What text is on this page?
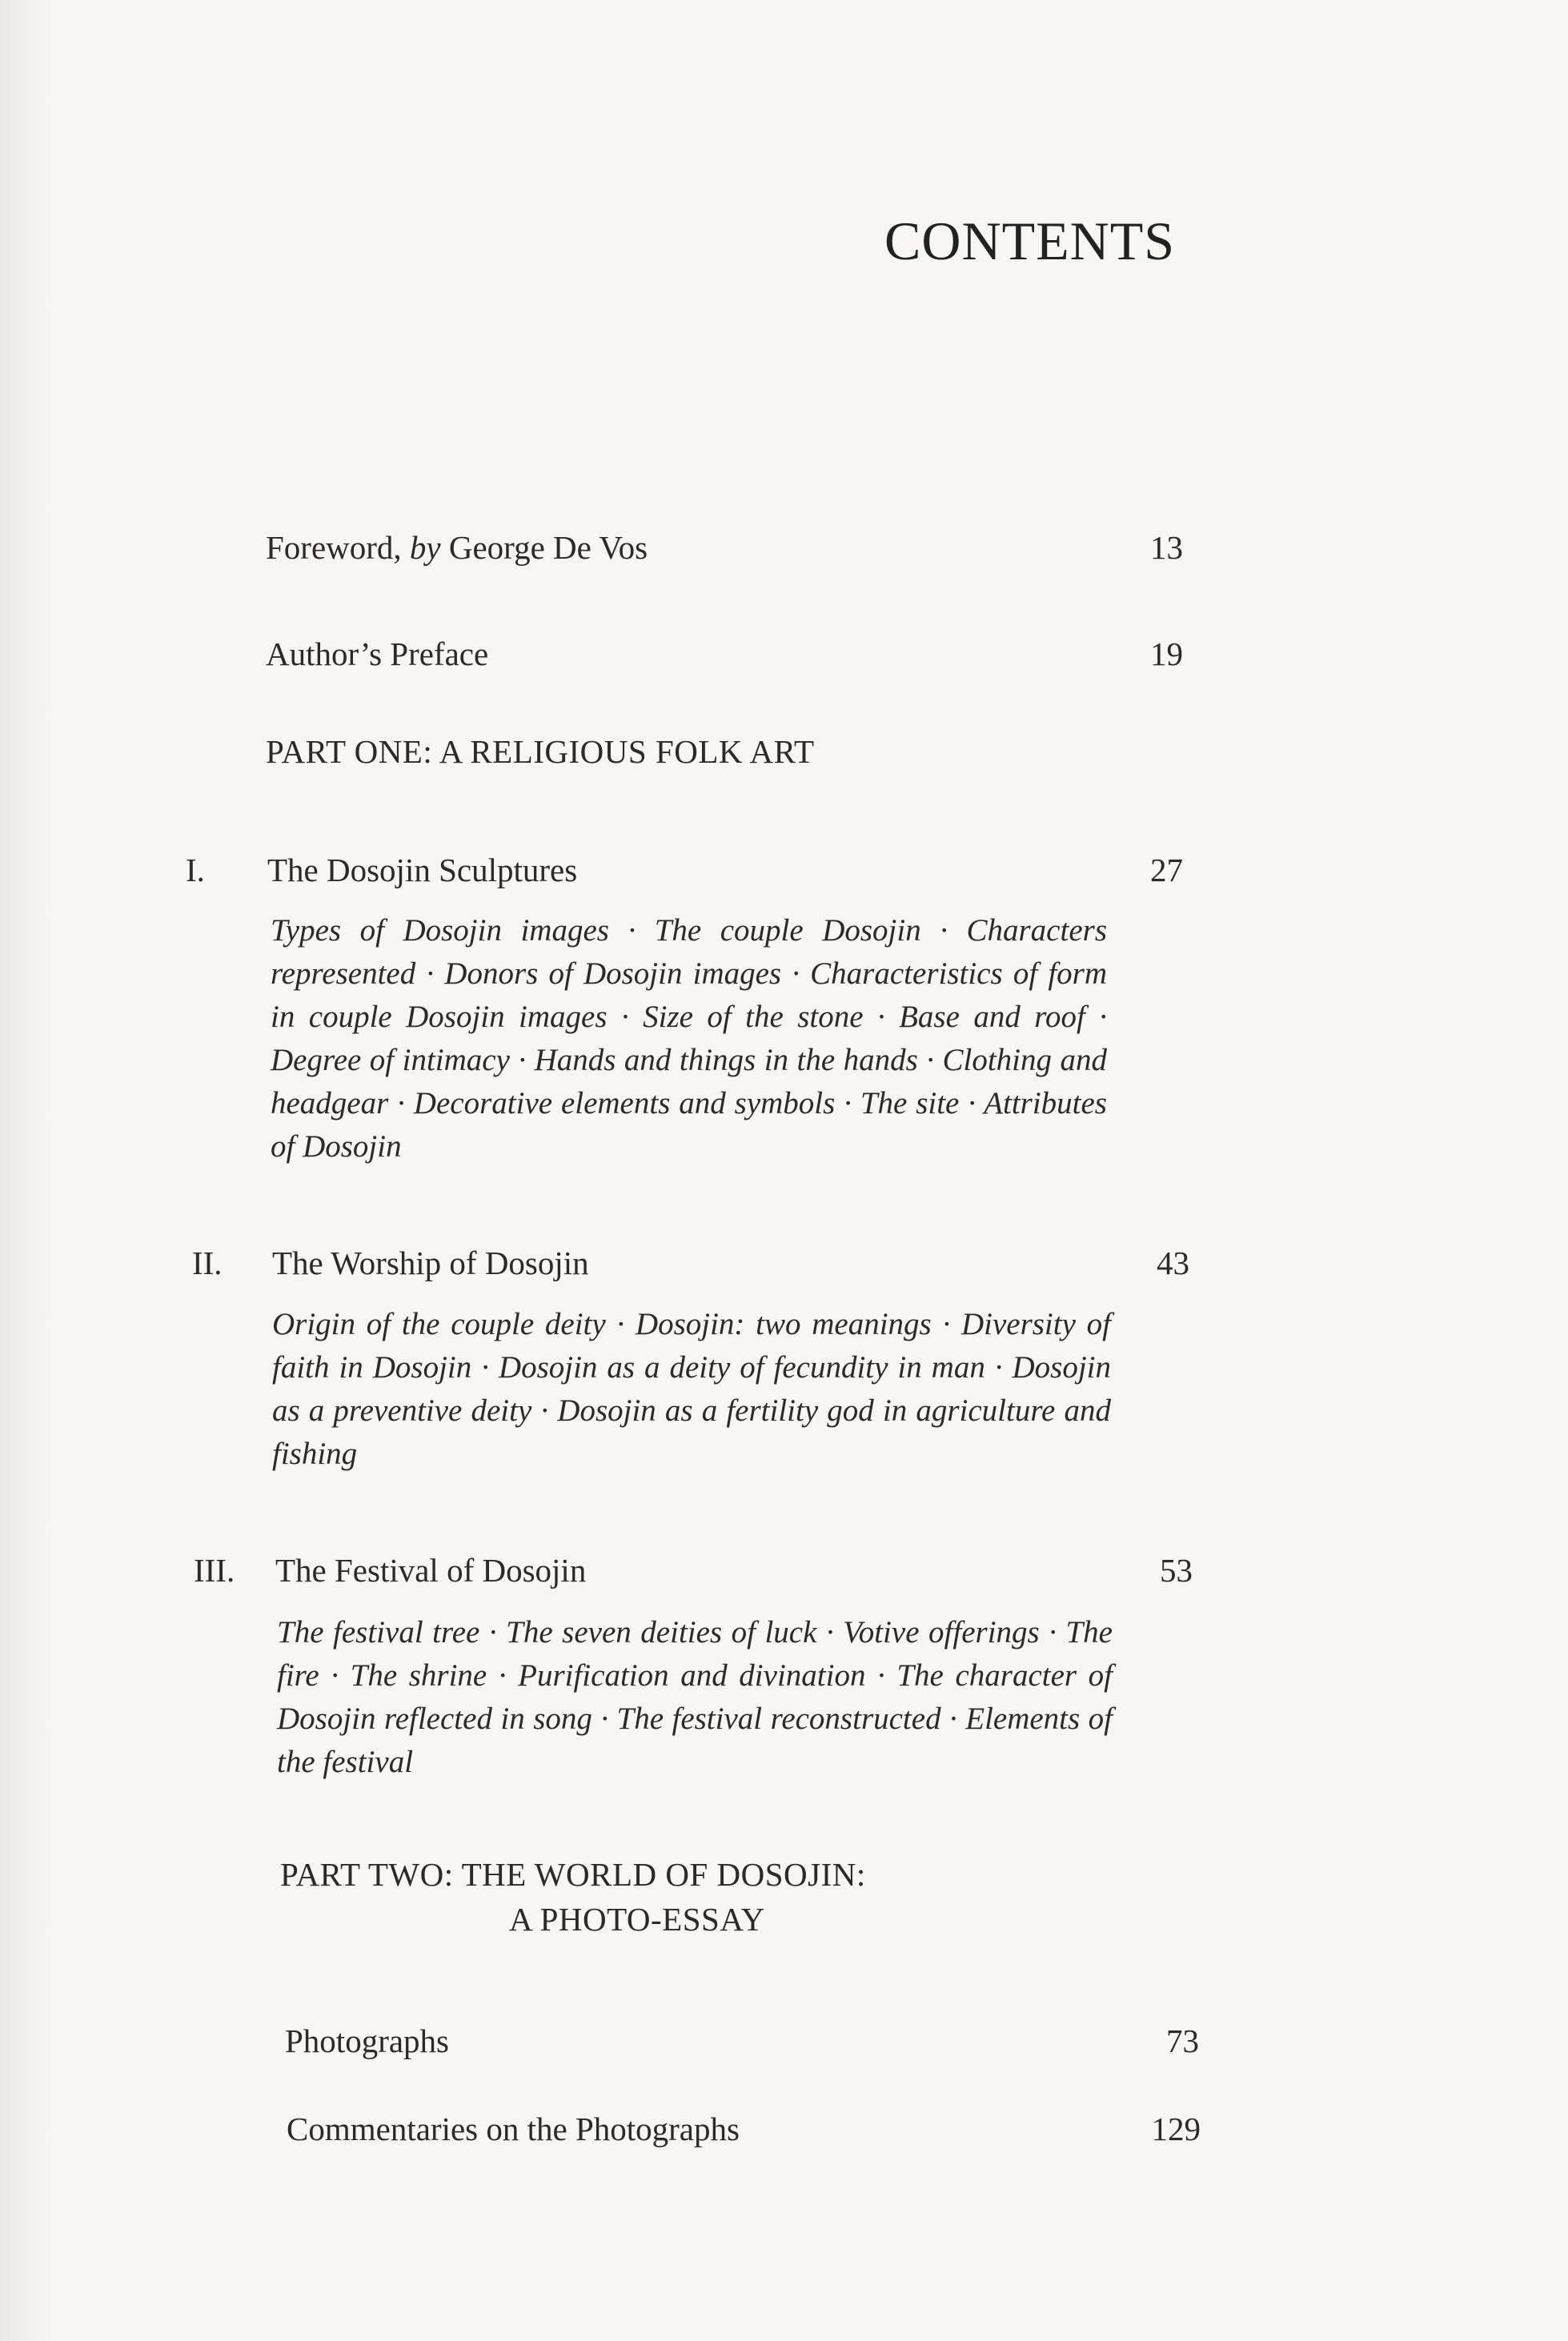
CONTENTS
Foreword, by George De Vos	13
Author’s Preface	19
PART ONE: A RELIGIOUS FOLK ART
I. The Dosojin Sculptures	27
Types of Dosojin images · The couple Dosojin · Characters represented · Donors of Dosojin images · Characteristics of form in couple Dosojin images · Size of the stone · Base and roof · Degree of intimacy · Hands and things in the hands · Clothing and headgear · Decorative elements and symbols · The site · Attributes of Dosojin
II. The Worship of Dosojin	43
Origin of the couple deity · Dosojin: two meanings · Diversity of faith in Dosojin · Dosojin as a deity of fecundity in man · Dosojin as a preventive deity · Dosojin as a fertility god in agriculture and fishing
III. The Festival of Dosojin	53
The festival tree · The seven deities of luck · Votive offerings · The fire · The shrine · Purification and divination · The character of Dosojin reflected in song · The festival reconstructed · Elements of the festival
PART TWO: THE WORLD OF DOSOJIN:
A PHOTO-ESSAY
Photographs	73
Commentaries on the Photographs	129
